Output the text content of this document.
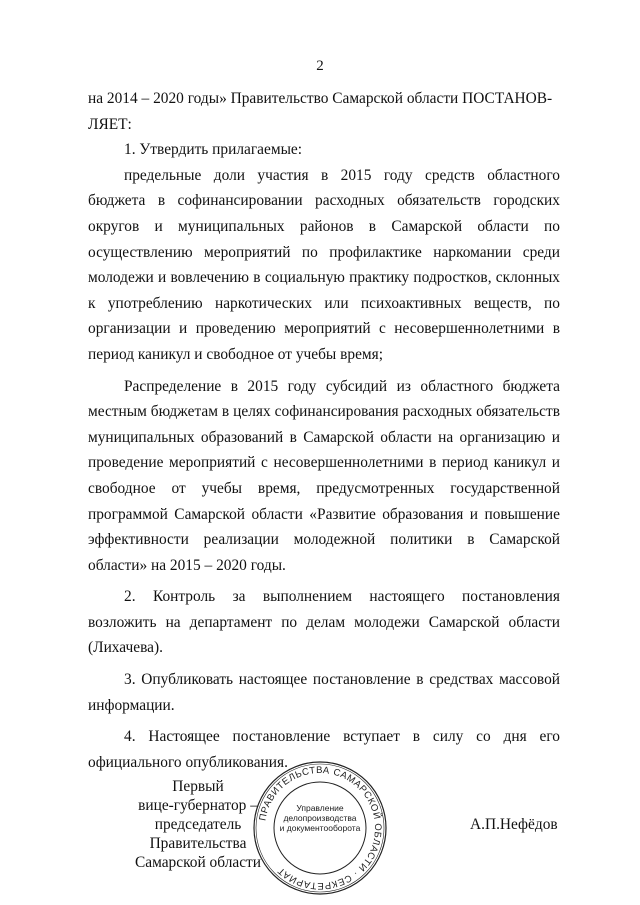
2

на 2014 – 2020 годы» Правительство Самарской области ПОСТАНОВ-

ЛЯЕТ:

1. Утвердить прилагаемые:

предельные доли участия в 2015 году средств областного бюджета в софинансировании расходных обязательств городских округов и муниципальных районов в Самарской области по осуществлению мероприятий по профилактике наркомании среди молодежи и вовлечению в социальную практику подростков, склонных к употреблению наркотических или психоактивных веществ, по организации и проведению мероприятий с несовершеннолетними в период каникул и свободное от учебы время;

Распределение в 2015 году субсидий из областного бюджета местным бюджетам в целях софинансирования расходных обязательств муниципальных образований в Самарской области на организацию и проведение мероприятий с несовершеннолетними в период каникул и свободное от учебы время, предусмотренных государственной программой Самарской области «Развитие образования и повышение эффективности реализации молодежной политики в Самарской области» на 2015 – 2020 годы.

2. Контроль за выполнением настоящего постановления возложить на департамент по делам молодежи Самарской области (Лихачева).

3. Опубликовать настоящее постановление в средствах массовой информации.

4. Настоящее постановление вступает в силу со дня его официального опубликования.

Первый
вице-губернатор –
председатель Правительства
Самарской области
ПРАВИТЕЛЬСТВА САМАРСКОЙ ОБЛАСТИ · СЕКРЕТАРИАТ
Управление
делопроизводства
и документооборота	А.П.Нефёдов
